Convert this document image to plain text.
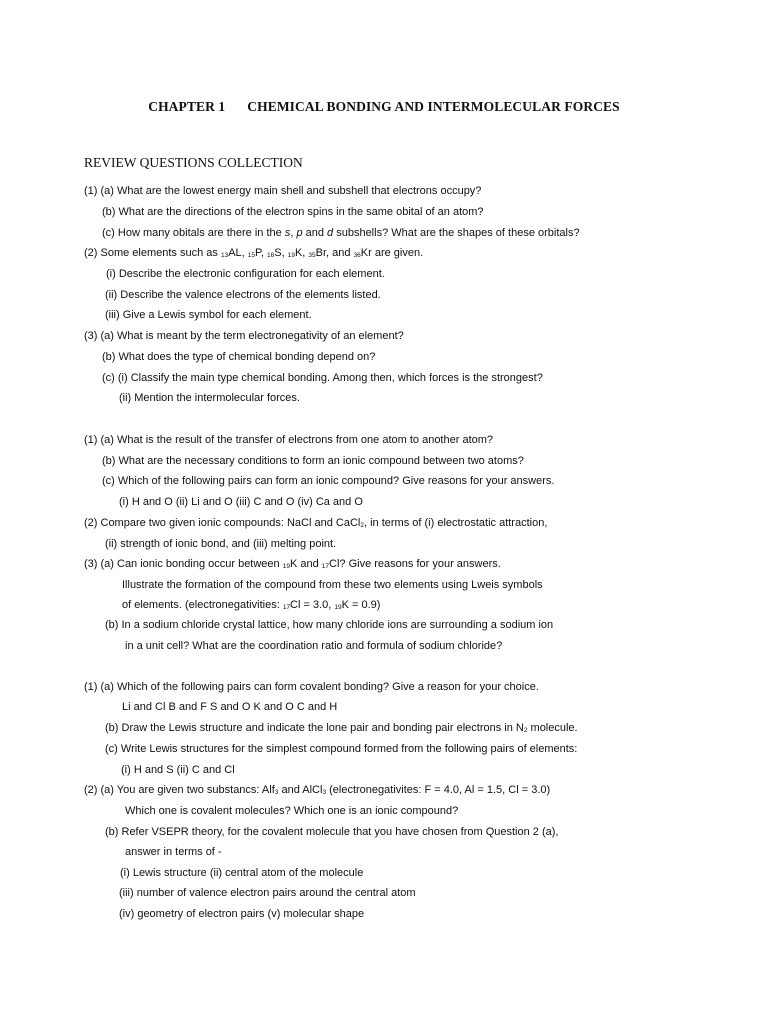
CHAPTER 1 CHEMICAL BONDING AND INTERMOLECULAR FORCES
REVIEW QUESTIONS COLLECTION
(1) (a) What are the lowest energy main shell and subshell that electrons occupy?
(b) What are the directions of the electron spins in the same obital of an atom?
(c) How many obitals are there in the s, p and d subshells? What are the shapes of these orbitals?
(2) Some elements such as $_{13}$AL, $_{15}$P, $_{16}$S, $_{19}$K, $_{35}$Br, and $_{36}$Kr are given.
(i) Describe the electronic configuration for each element.
(ii) Describe the valence electrons of the elements listed.
(iii) Give a Lewis symbol for each element.
(3) (a) What is meant by the term electronegativity of an element?
(b) What does the type of chemical bonding depend on?
(c) (i) Classify the main type chemical bonding. Among then, which forces is the strongest?
(ii) Mention the intermolecular forces.
(1) (a) What is the result of the transfer of electrons from one atom to another atom?
(b) What are the necessary conditions to form an ionic compound between two atoms?
(c) Which of the following pairs can form an ionic compound? Give reasons for your answers.
(i) H and O (ii) Li and O (iii) C and O (iv) Ca and O
(2) Compare two given ionic compounds: NaCl and CaCl$_2$, in terms of (i) electrostatic attraction,
(ii) strength of ionic bond, and (iii) melting point.
(3) (a) Can ionic bonding occur between $_{19}$K and $_{17}$Cl? Give reasons for your answers.
Illustrate the formation of the compound from these two elements using Lweis symbols
of elements. (electronegativities: $_{17}$Cl = 3.0, $_{19}$K = 0.9)
(b) In a sodium chloride crystal lattice, how many chloride ions are surrounding a sodium ion
in a unit cell? What are the coordination ratio and formula of sodium chloride?
(1) (a) Which of the following pairs can form covalent bonding? Give a reason for your choice.
Li and Cl B and F S and O K and O C and H
(b) Draw the Lewis structure and indicate the lone pair and bonding pair electrons in $N_2$ molecule.
(c) Write Lewis structures for the simplest compound formed from the following pairs of elements:
(i) H and S (ii) C and Cl
(2) (a) You are given two substancs: Alf$_3$ and AlCl$_3$ (electronegativites: F = 4.0, Al = 1.5, Cl = 3.0)
Which one is covalent molecules? Which one is an ionic compound?
(b) Refer VSEPR theory, for the covalent molecule that you have chosen from Question 2 (a),
answer in terms of -
(i) Lewis structure (ii) central atom of the molecule
(iii) number of valence electron pairs around the central atom
(iv) geometry of electron pairs (v) molecular shape
